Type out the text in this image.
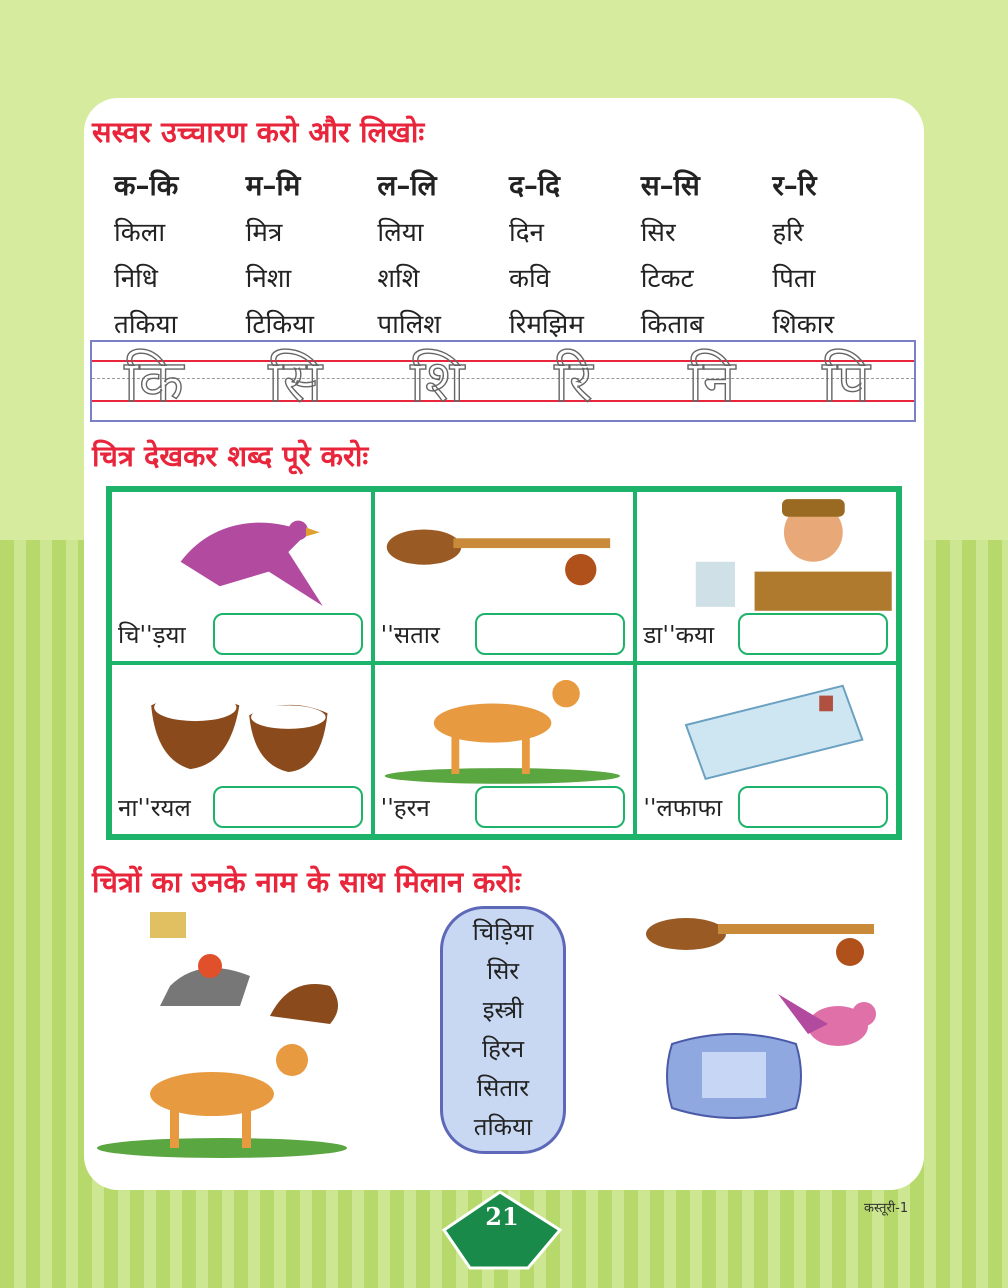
सस्वर उच्चारण करो और लिखोः
क–कि	म–मि	ल–लि	द–दि	स–सि	र–रि
किला	मित्र	लिया	दिन	सिर	हरि
निधि	निशा	शशि	कवि	टिकट	पिता
तकिया	टिकिया	पालिश	रिमझिम	किताब	शिकार
कि सि शि रि नि पि
चित्र देखकर शब्द पूरे करोः
चि''ड़या	''सतार	डा''कया
ना''रयल	''हरन	''लफाफा
चित्रों का उनके नाम के साथ मिलान करोः
चिड़िया
सिर
इस्त्री
हिरन
सितार
तकिया
21	कस्तूरी-1
